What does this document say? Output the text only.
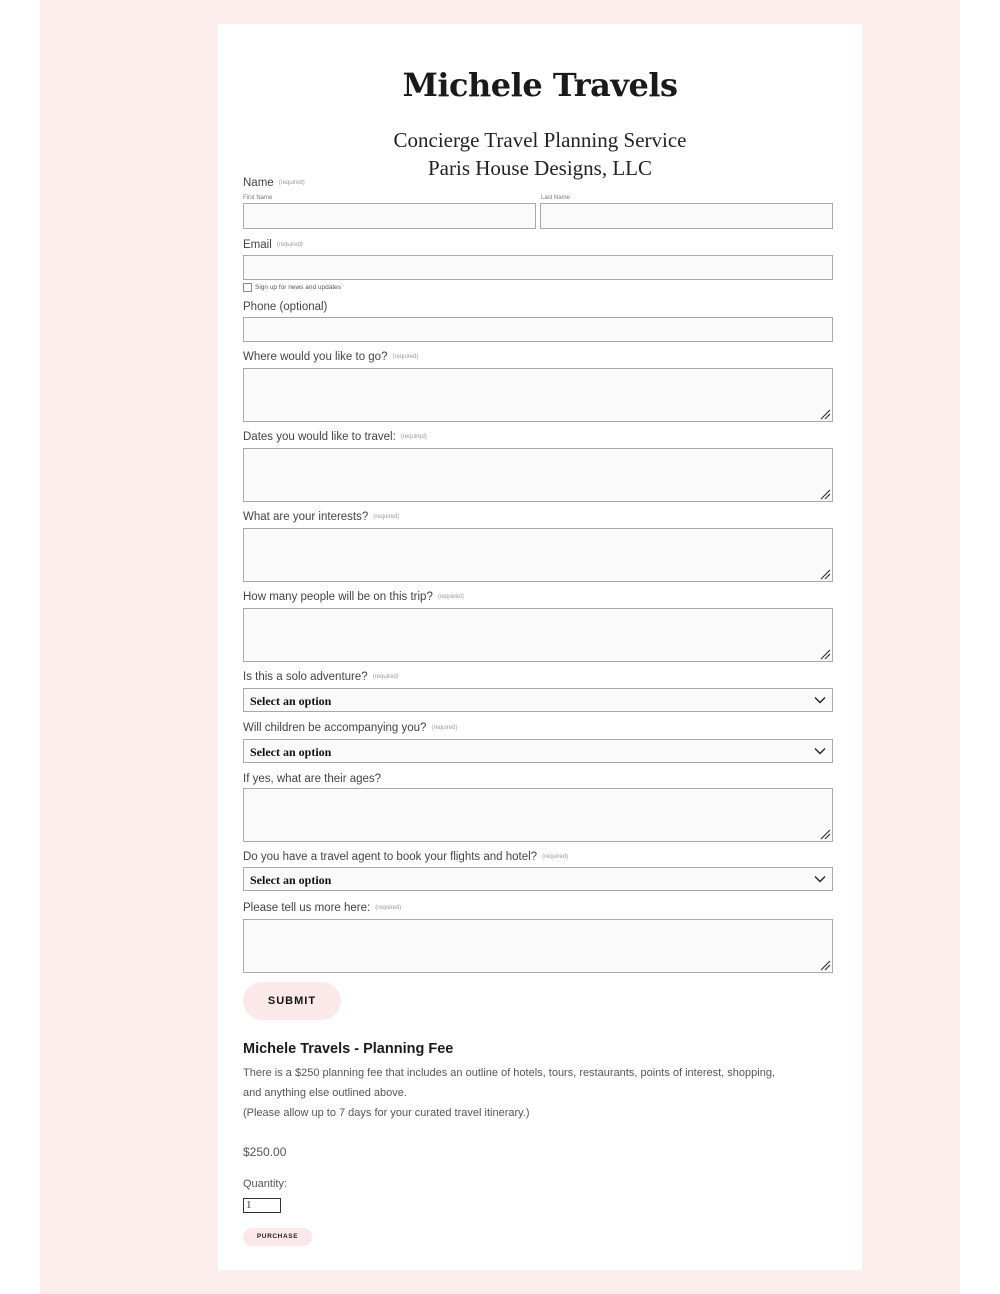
Michele Travels
Concierge Travel Planning Service
Paris House Designs, LLC
Name (required)
First Name	Last Name
Email (required)
Sign up for news and updates
Phone (optional)
Where would you like to go? (required)
Dates you would like to travel: (required)
What are your interests? (required)
How many people will be on this trip? (required)
Is this a solo adventure? (required)
Select an option
Will children be accompanying you? (required)
Select an option
If yes, what are their ages?
Do you have a travel agent to book your flights and hotel? (required)
Select an option
Please tell us more here: (required)
SUBMIT
Michele Travels - Planning Fee
There is a $250 planning fee that includes an outline of hotels, tours, restaurants, points of interest, shopping,
and anything else outlined above.
(Please allow up to 7 days for your curated travel itinerary.)
$250.00
Quantity:
1
PURCHASE
